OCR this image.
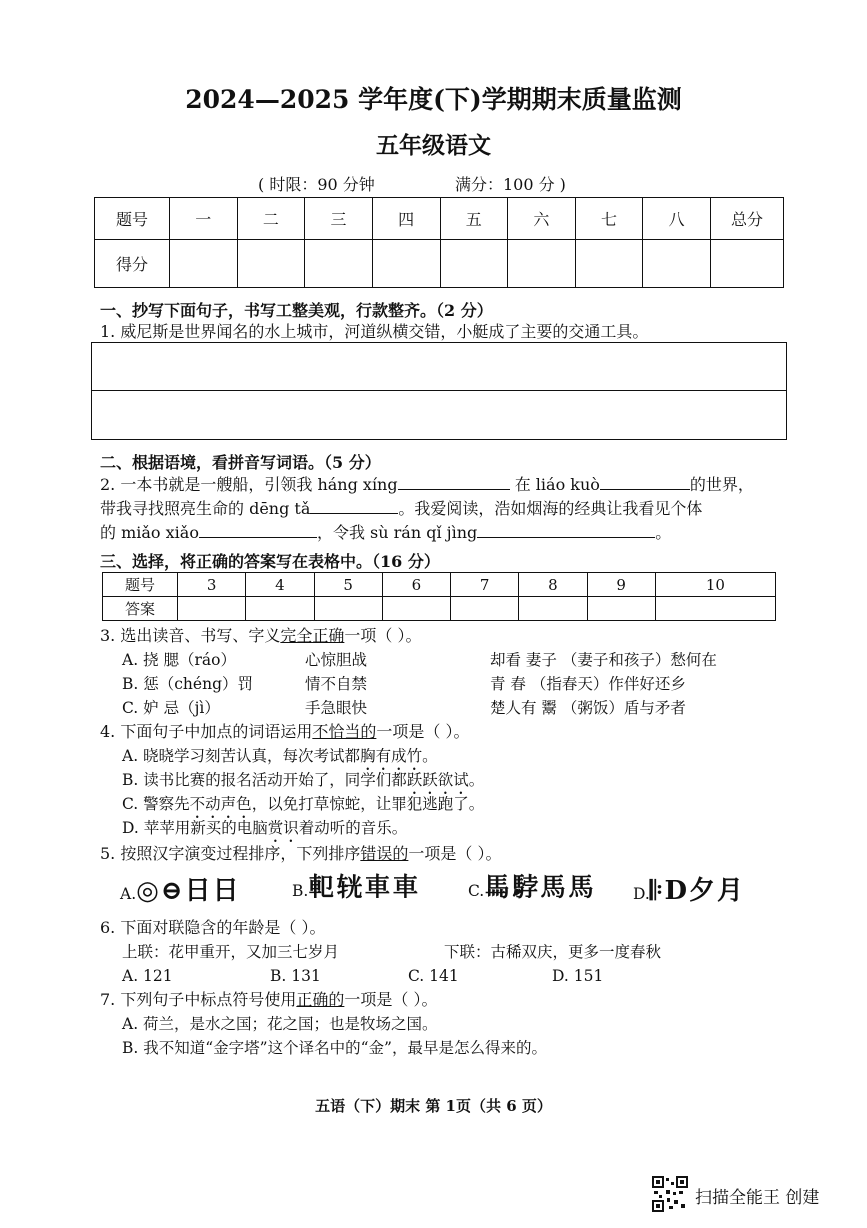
2024—2025 学年度(下)学期期末质量监测
五年级语文
( 时限：90 分钟	满分：100 分 )
题号	一	二	三	四	五	六	七	八	总分
得分									
一、抄写下面句子，书写工整美观，行款整齐。（2 分）
1. 威尼斯是世界闻名的水上城市，河道纵横交错，小艇成了主要的交通工具。
二、根据语境，看拼音写词语。（5 分）
2. 一本书就是一艘船，引领我 háng xíng	在 liáo kuò	的世界，
带我寻找照亮生命的 dēng tǎ	。我爱阅读，浩如烟海的经典让我看见个体
的 miǎo xiǎo	，令我 sù rán qǐ jìng	。
三、选择，将正确的答案写在表格中。（16 分）
题号	3	4	5	6	7	8	9	10
答案								
3. 选出读音、书写、字义完全正确一项（ ）。
A. 挠 腮（ráo）	心惊胆战	却看 妻子 （妻子和孩子）愁何在
B. 惩（chéng）罚	情不自禁	青 春 （指春天）作伴好还乡
C. 妒 忌（jì）	手急眼快	楚人有 鬻 （粥饭）盾与矛者
4. 下面句子中加点的词语运用不恰当的一项是（ ）。
A. 晓晓学习刻苦认真，每次考试都胸有成竹。
B. 读书比赛的报名活动开始了，同学们都跃跃欲试。
C. 警察先不动声色，以免打草惊蛇，让罪犯逃跑了。
D. 苹苹用新买的电脑赏识着动听的音乐。
5. 按照汉字演变过程排序，下列排序错误的一项是（ ）。
A.◎⊖日日	B.𨊠𨐈車車	C.𩡧𩣡馬馬 D.𝄆D夕月
6. 下面对联隐含的年龄是（ ）。
上联：花甲重开，又加三七岁月	下联：古稀双庆，更多一度春秋
A. 121	B. 131	C. 141	D. 151
7. 下列句子中标点符号使用正确的一项是（ ）。
A. 荷兰，是水之国；花之国；也是牧场之国。
B. 我不知道“金字塔”这个译名中的“金”，最早是怎么得来的。
五语（下）期末 第 1页（共 6 页）
扫描全能王 创建
